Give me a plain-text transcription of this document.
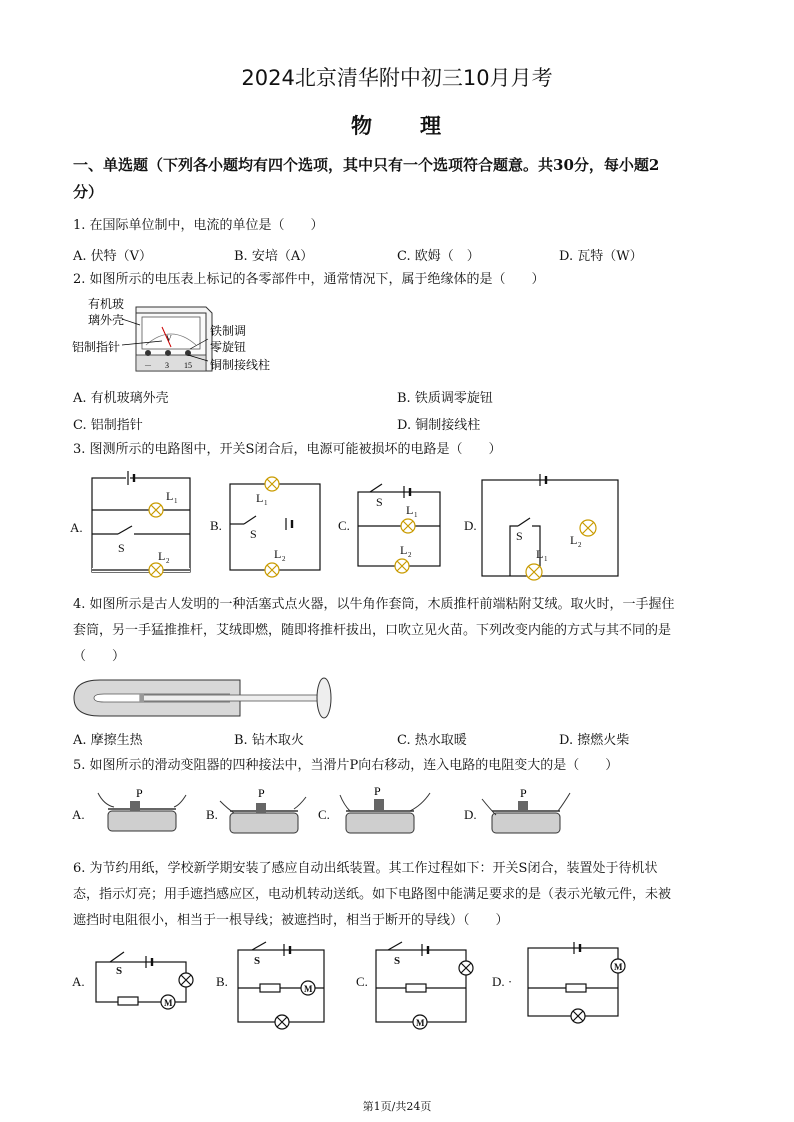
2024北京清华附中初三10月月考
物　　理
一、单选题（下列各小题均有四个选项，其中只有一个选项符合题意。共30分，每小题2
分）
1. 在国际单位制中，电流的单位是（　　）
A. 伏特（V）	B. 安培（A）	C. 欧姆（　）	D. 瓦特（W）
2. 如图所示的电压表上标记的各零部件中，通常情况下，属于绝缘体的是（　　）
V
－ 3 15
有机玻
璃外壳
铝制指针
铁制调
零旋钮
铜制接线柱
A. 有机玻璃外壳	B. 铁质调零旋钮
C. 铝制指针	D. 铜制接线柱
3. 图测所示的电路图中，开关S闭合后，电源可能被损坏的电路是（　　）
A.	B.	C.	D.
S
L 1
L 2
S
L 1
L 2
S
L 1
L 2
S
L 1
L 2
4. 如图所示是古人发明的一种活塞式点火器，以牛角作套筒，木质推杆前端粘附艾绒。取火时，一手握住
套筒，另一手猛推推杆，艾绒即燃，随即将推杆拔出，口吹立见火苗。下列改变内能的方式与其不同的是
（　　）
A. 摩擦生热	B. 钻木取火	C. 热水取暖	D. 擦燃火柴
5. 如图所示的滑动变阻器的四种接法中，当滑片P向右移动，连入电路的电阻变大的是（　　）
P	P	P	P
A.	B.	C.	D.
6. 为节约用纸，学校新学期安装了感应自动出纸装置。其工作过程如下：开关S闭合，装置处于待机状
态，指示灯亮；用手遮挡感应区，电动机转动送纸。如下电路图中能满足要求的是（表示光敏元件，未被
遮挡时电阻很小，相当于一根导线；被遮挡时，相当于断开的导线）（　　）
A.	B.	C.	D. ·
S
S	S
M
M
M
M
第1页/共24页
